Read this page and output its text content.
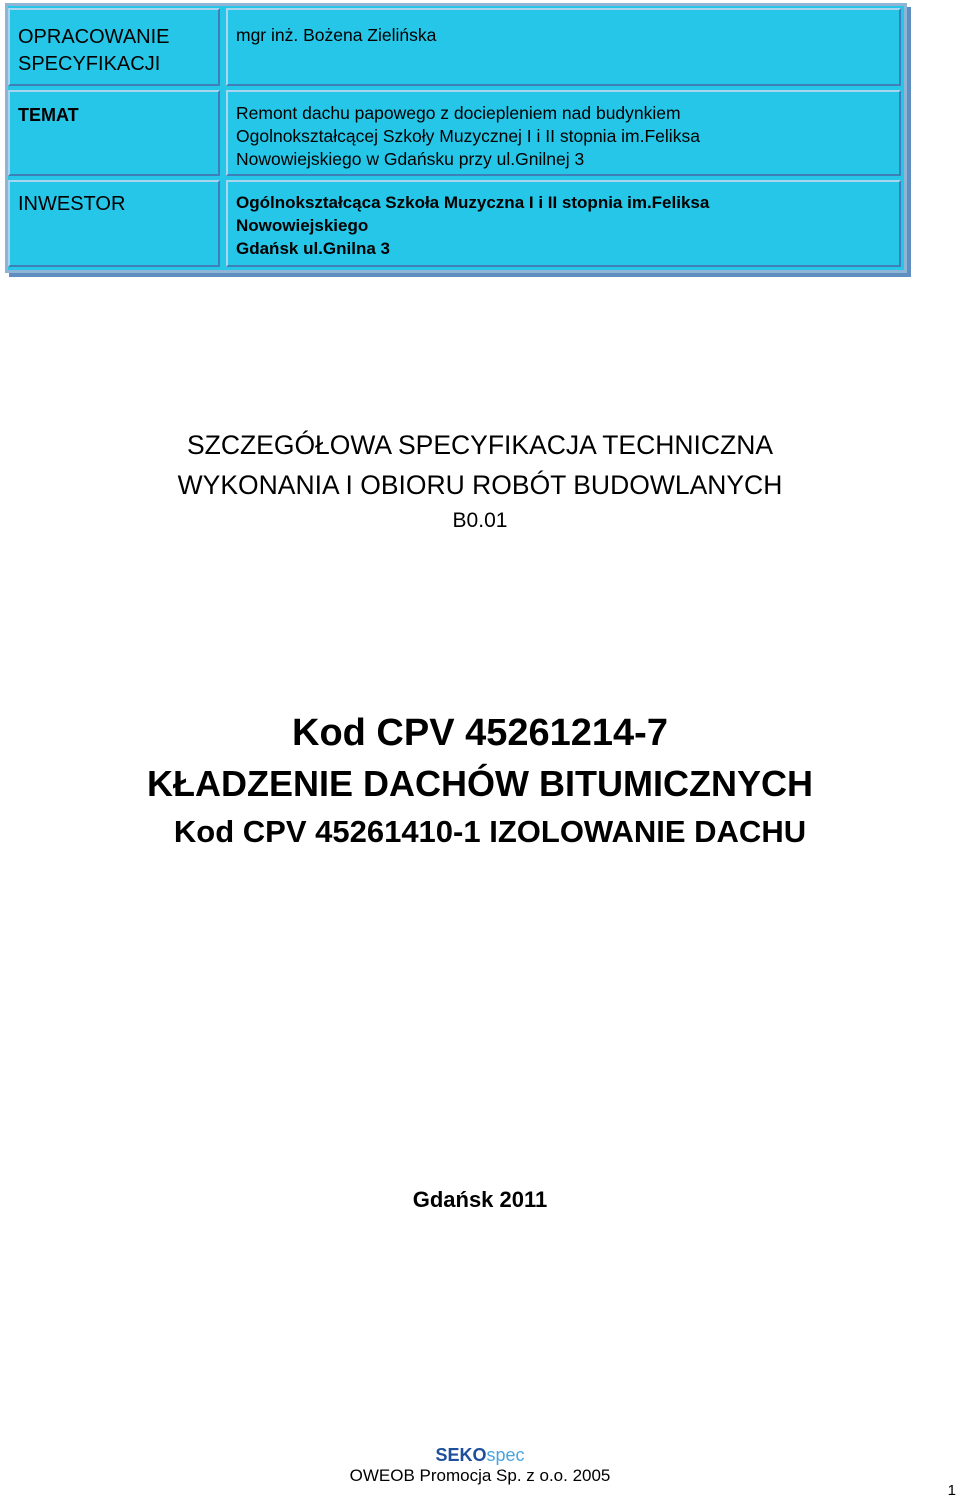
OPRACOWANIE
SPECYFIKACJI
mgr inż. Bożena Zielińska
TEMAT	Remont dachu papowego z dociepleniem nad budynkiem
Ogolnokształcącej Szkoły Muzycznej I i II stopnia im.Feliksa
Nowowiejskiego w Gdańsku przy ul.Gnilnej 3
INWESTOR	Ogólnokształcąca Szkoła Muzyczna I i II stopnia im.Feliksa
Nowowiejskiego
Gdańsk ul.Gnilna 3
SZCZEGÓŁOWA SPECYFIKACJA TECHNICZNA
WYKONANIA I OBIORU ROBÓT BUDOWLANYCH
B0.01
Kod CPV 45261214-7
KŁADZENIE DACHÓW BITUMICZNYCH
Kod CPV 45261410-1 IZOLOWANIE DACHU
Gdańsk 2011
SEKOspec
OWEOB Promocja Sp. z o.o. 2005
1
